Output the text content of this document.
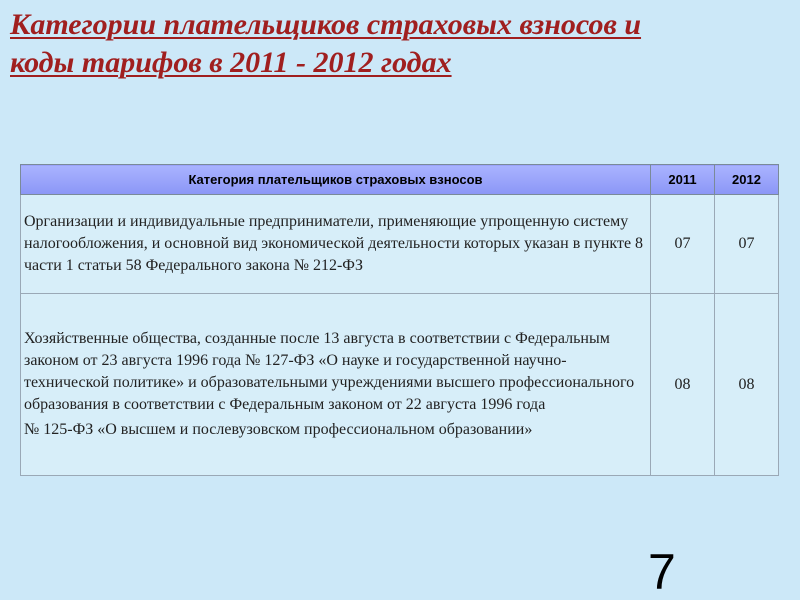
Категории плательщиков страховых взносов и
коды тарифов в 2011 - 2012 годах
Категория плательщиков страховых взносов	2011	2012

Организации и индивидуальные предприниматели, применяющие упрощенную систему налогообложения, и основной вид экономической деятельности которых указан в пункте 8 части 1 статьи 58 Федерального закона № 212-ФЗ	07	07

Хозяйственные общества, созданные после 13 августа в соответствии с Федеральным законом от 23 августа 1996 года № 127-ФЗ «О науке и государственной научно-технической политике» и образовательными учреждениями высшего профессионального образования в соответствии с Федеральным законом от 22 августа 1996 года

№ 125-ФЗ «О высшем и послевузовском профессиональном образовании»	08	08
7
